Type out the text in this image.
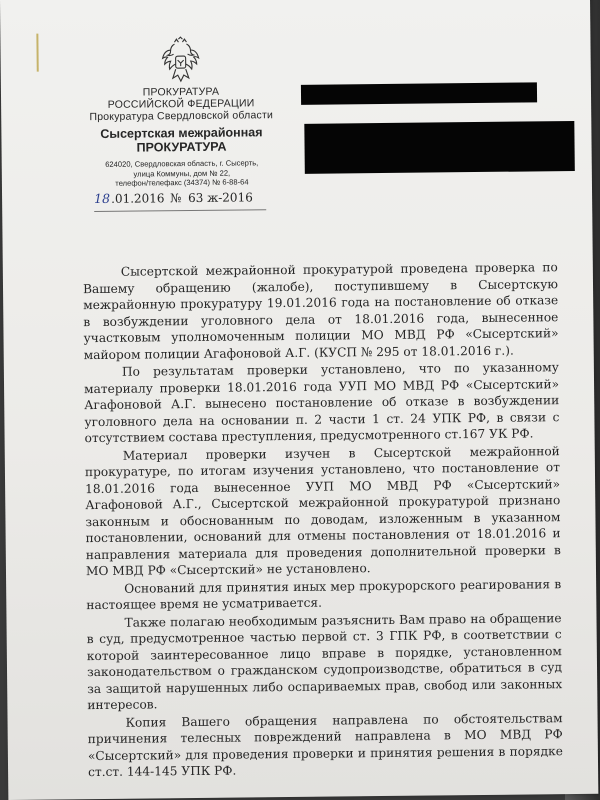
ПРОКУРАТУРА
РОССИЙСКОЙ ФЕДЕРАЦИИ
Прокуратура Свердловской области
Сысертская межрайонная
ПРОКУРАТУРА
624020, Свердловская область, г. Сысерть,
улица Коммуны, дом № 22,
телефон/телефакс (34374) № 6-88-64
18 .01.2016 № 63 ж-2016

Сысертской межрайонной прокуратурой проведена проверка по Вашему обращению (жалобе), поступившему в Сысертскую межрайонную прокуратуру 19.01.2016 года на постановление об отказе в возбуждении уголовного дела от 18.01.2016 года, вынесенное участковым уполномоченным полиции МО МВД РФ «Сысертский» майором полиции Агафоновой А.Г. (КУСП № 295 от 18.01.2016 г.).

По результатам проверки установлено, что по указанному материалу проверки 18.01.2016 года УУП МО МВД РФ «Сысертский» Агафоновой А.Г. вынесено постановление об отказе в возбуждении уголовного дела на основании п. 2 части 1 ст. 24 УПК РФ, в связи с отсутствием состава преступления, предусмотренного ст.167 УК РФ.

Материал проверки изучен в Сысертской межрайонной прокуратуре, по итогам изучения установлено, что постановление от 18.01.2016 года вынесенное УУП МО МВД РФ «Сысертский» Агафоновой А.Г., Сысертской межрайонной прокуратурой признано законным и обоснованным по доводам, изложенным в указанном постановлении, оснований для отмены постановления от 18.01.2016 и направления материала для проведения дополнительной проверки в МО МВД РФ «Сысертский» не установлено.

Оснований для принятия иных мер прокурорского реагирования в настоящее время не усматривается.

Также полагаю необходимым разъяснить Вам право на обращение в суд, предусмотренное частью первой ст. 3 ГПК РФ, в соответствии с которой заинтересованное лицо вправе в порядке, установленном законодательством о гражданском судопроизводстве, обратиться в суд за защитой нарушенных либо оспариваемых прав, свобод или законных интересов.

Копия Вашего обращения направлена по обстоятельствам причинения телесных повреждений направлена в МО МВД РФ «Сысертский» для проведения проверки и принятия решения в порядке ст.ст. 144-145 УПК РФ.
